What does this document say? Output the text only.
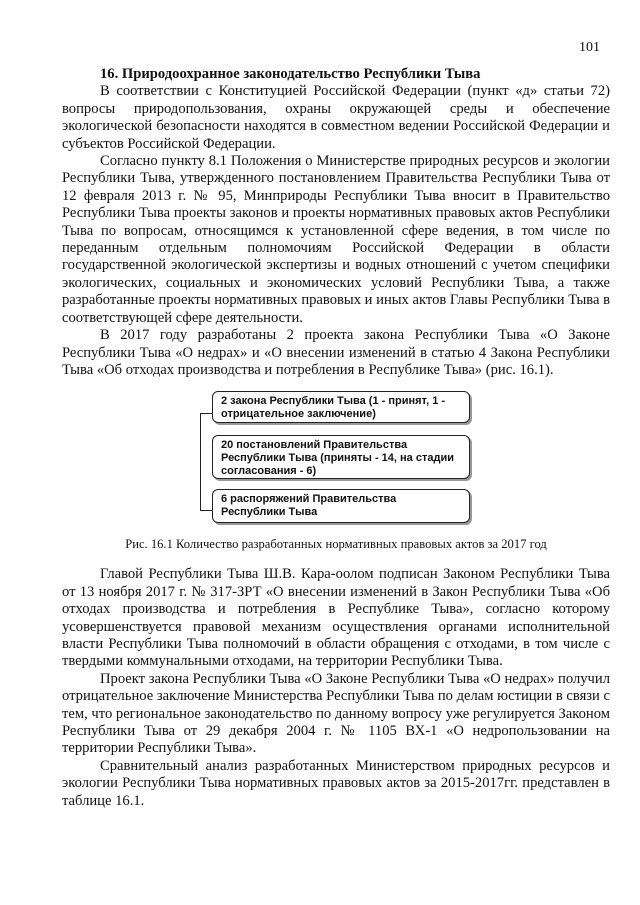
101

16. Природоохранное законодательство Республики Тыва

В соответствии с Конституцией Российской Федерации (пункт «д» статьи 72) вопросы природопользования, охраны окружающей среды и обеспечение экологической безопасности находятся в совместном ведении Российской Федерации и субъектов Российской Федерации.

Согласно пункту 8.1 Положения о Министерстве природных ресурсов и экологии Республики Тыва, утвержденного постановлением Правительства Республики Тыва от 12 февраля 2013 г. № 95, Минприроды Республики Тыва вносит в Правительство Республики Тыва проекты законов и проекты нормативных правовых актов Республики Тыва по вопросам, относящимся к установленной сфере ведения, в том числе по переданным отдельным полномочиям Российской Федерации в области государственной экологической экспертизы и водных отношений с учетом специфики экологических, социальных и экономических условий Республики Тыва, а также разработанные проекты нормативных правовых и иных актов Главы Республики Тыва в соответствующей сфере деятельности.

В 2017 году разработаны 2 проекта закона Республики Тыва «О Законе Республики Тыва «О недрах» и «О внесении изменений в статью 4 Закона Республики Тыва «Об отходах производства и потребления в Республике Тыва» (рис. 16.1).

2 закона Республики Тыва (1 - принят, 1 - отрицательное заключение)
20 постановлений Правительства Республики Тыва (приняты - 14, на стадии согласования - 6)
6 распоряжений Правительства Республики Тыва
Рис. 16.1 Количество разработанных нормативных правовых актов за 2017 год

Главой Республики Тыва Ш.В. Кара-оолом подписан Законом Республики Тыва от 13 ноября 2017 г. № 317-ЗРТ «О внесении изменений в Закон Республики Тыва «Об отходах производства и потребления в Республике Тыва», согласно которому усовершенствуется правовой механизм осуществления органами исполнительной власти Республики Тыва полномочий в области обращения с отходами, в том числе с твердыми коммунальными отходами, на территории Республики Тыва.

Проект закона Республики Тыва «О Законе Республики Тыва «О недрах» получил отрицательное заключение Министерства Республики Тыва по делам юстиции в связи с тем, что региональное законодательство по данному вопросу уже регулируется Законом Республики Тыва от 29 декабря 2004 г. № 1105 ВХ-1 «О недропользовании на территории Республики Тыва».

Сравнительный анализ разработанных Министерством природных ресурсов и экологии Республики Тыва нормативных правовых актов за 2015-2017гг. представлен в таблице 16.1.
